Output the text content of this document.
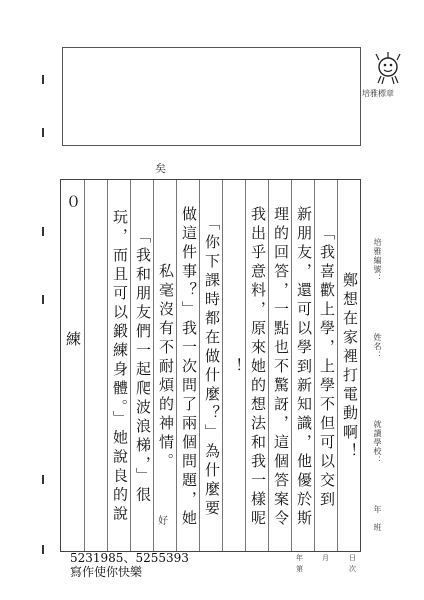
培雅標章
培雅編號：
姓名：
就讀學校：
年　班
矣
鄭想在家裡打電動啊！
「我喜歡上學，上學不但可以交到
新朋友，還可以學到新知識，他優於斯
理的回答，一點也不驚訝，這個答案令
我出乎意料，原來她的想法和我一樣呢
！
「你下課時都在做什麼？」為什麼要
做這件事？」我一次問了兩個問題，她
私毫沒有不耐煩的神情。
「我和朋友們一起爬波浪梯，」很
玩，而且可以鍛練身體。」她說良的說
０
練
好
年	月	日
第	次
5231985、5255393
寫作使你快樂
